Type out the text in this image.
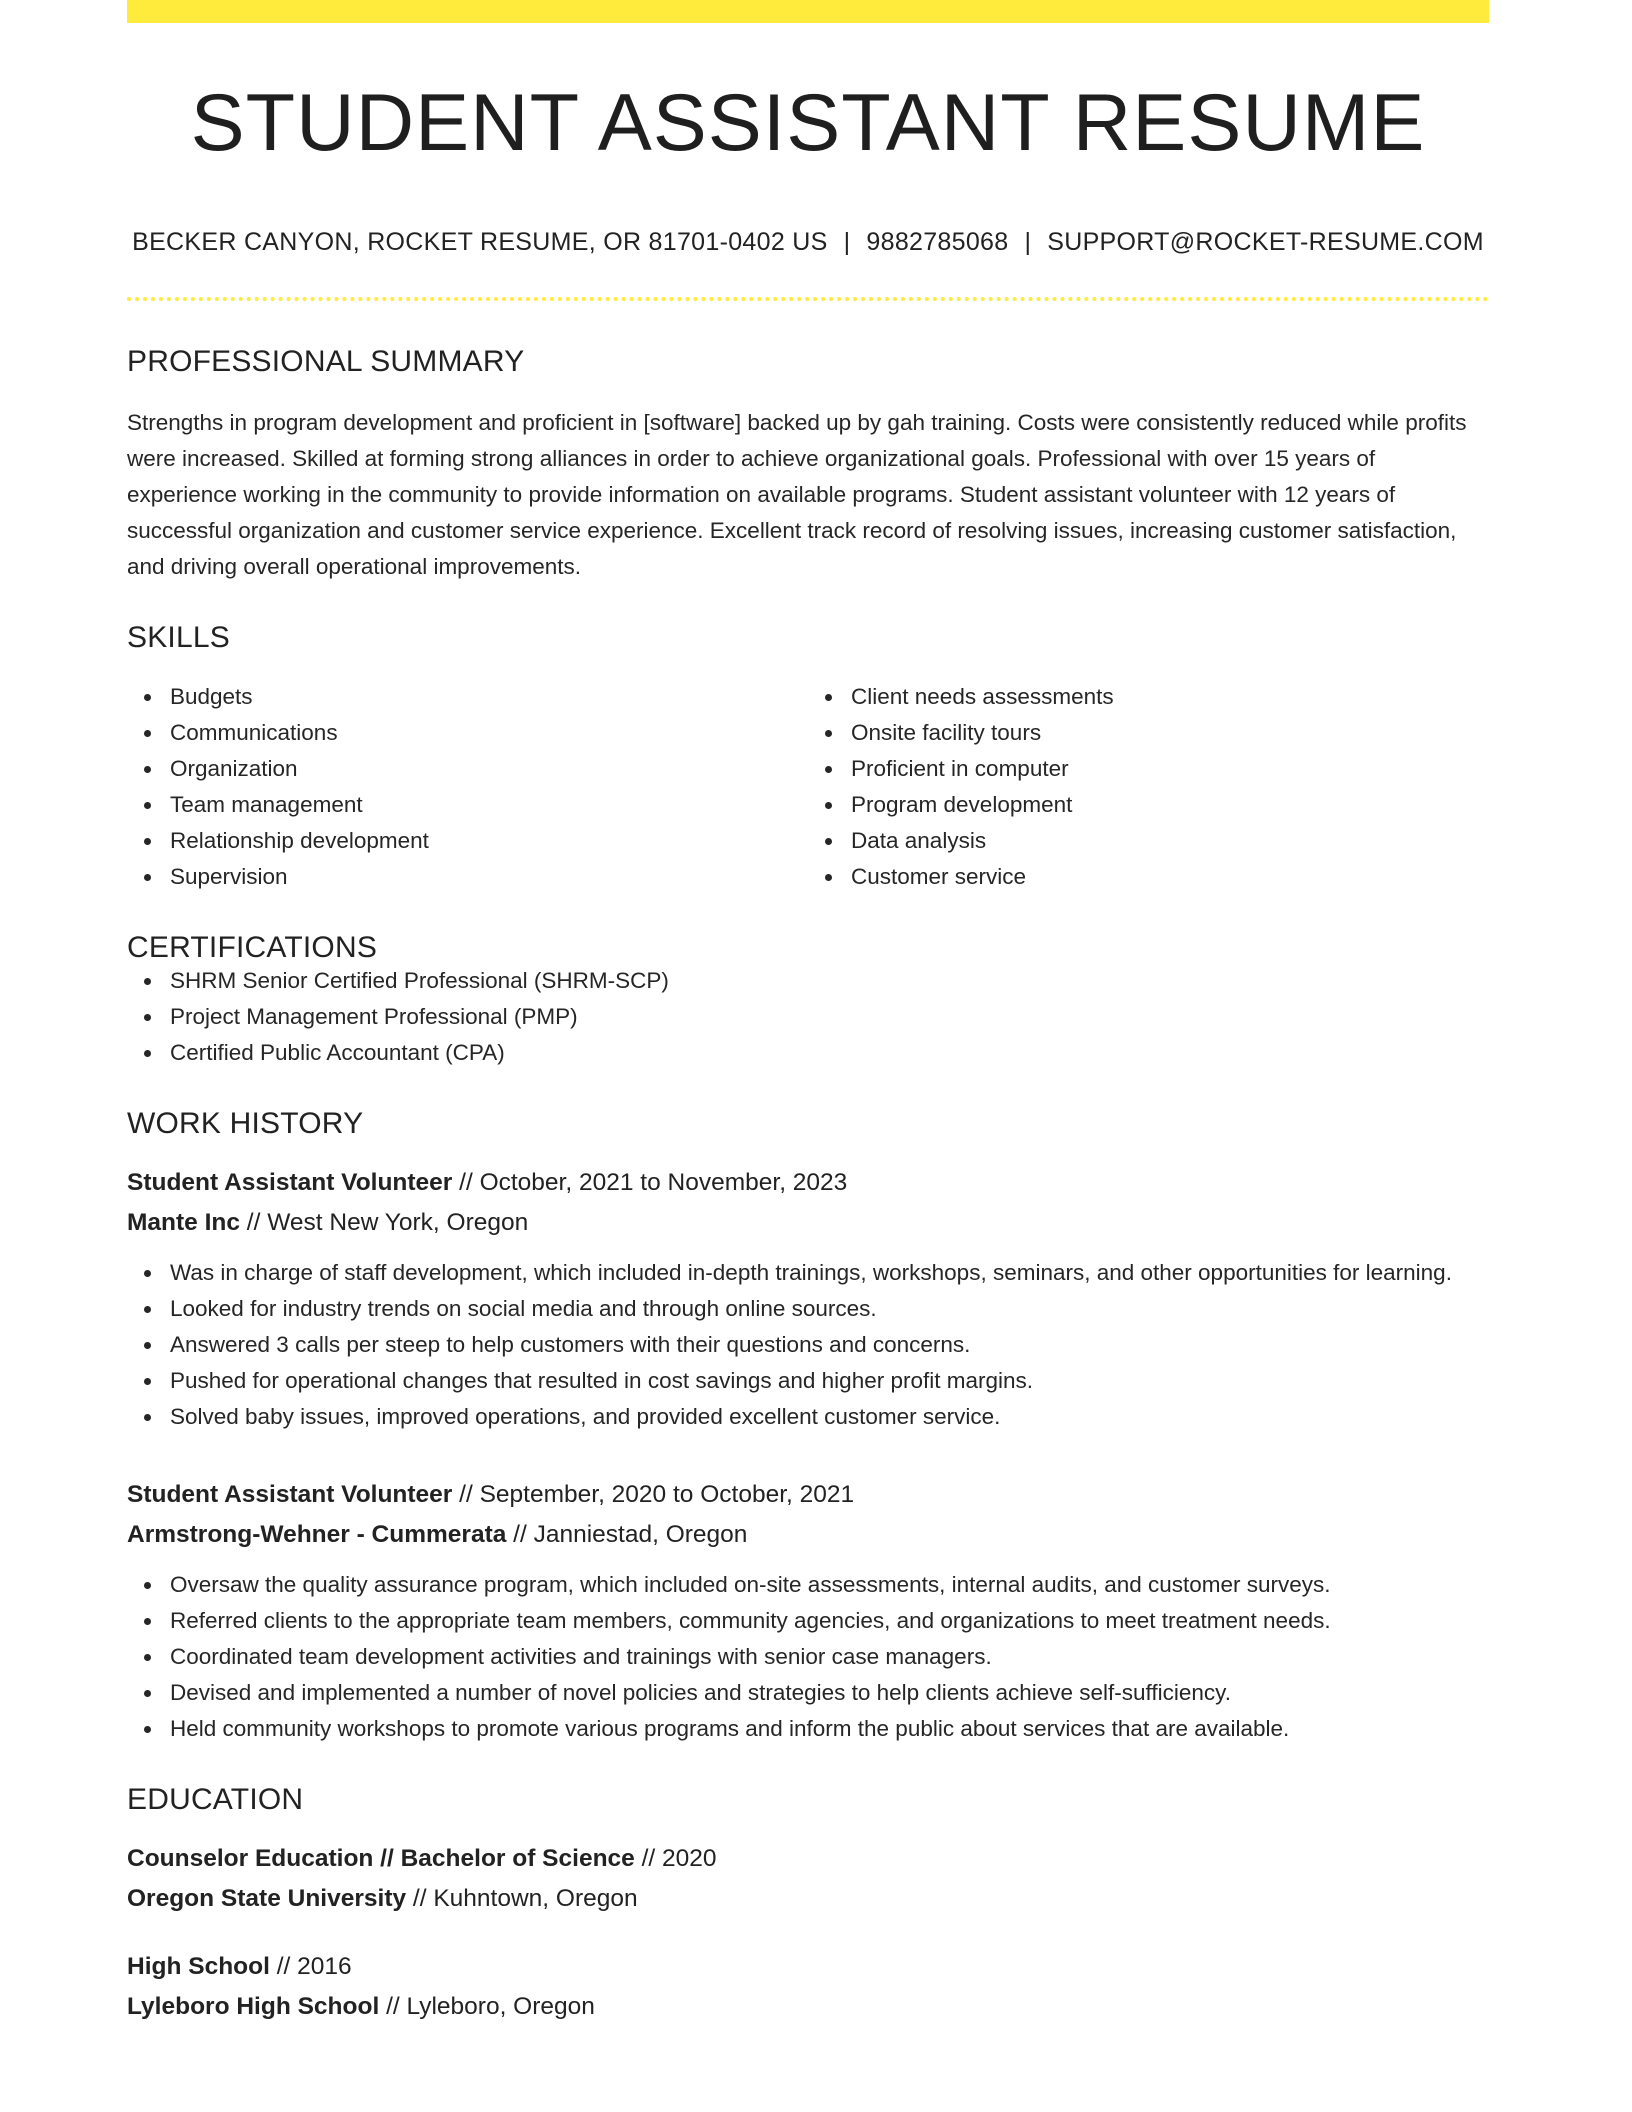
STUDENT ASSISTANT RESUME
BECKER CANYON, ROCKET RESUME, OR 81701-0402 US | 9882785068 | SUPPORT@ROCKET-RESUME.COM
PROFESSIONAL SUMMARY

Strengths in program development and proficient in [software] backed up by gah training. Costs were consistently reduced while profits were increased. Skilled at forming strong alliances in order to achieve organizational goals. Professional with over 15 years of experience working in the community to provide information on available programs. Student assistant volunteer with 12 years of successful organization and customer service experience. Excellent track record of resolving issues, increasing customer satisfaction, and driving overall operational improvements.

SKILLS
Budgets
Communications
Organization
Team management
Relationship development
Supervision
Client needs assessments
Onsite facility tours
Proficient in computer
Program development
Data analysis
Customer service
CERTIFICATIONS
SHRM Senior Certified Professional (SHRM-SCP)
Project Management Professional (PMP)
Certified Public Accountant (CPA)
WORK HISTORY
Student Assistant Volunteer // October, 2021 to November, 2023
Mante Inc // West New York, Oregon
Was in charge of staff development, which included in-depth trainings, workshops, seminars, and other opportunities for learning.
Looked for industry trends on social media and through online sources.
Answered 3 calls per steep to help customers with their questions and concerns.
Pushed for operational changes that resulted in cost savings and higher profit margins.
Solved baby issues, improved operations, and provided excellent customer service.
Student Assistant Volunteer // September, 2020 to October, 2021
Armstrong-Wehner - Cummerata // Janniestad, Oregon
Oversaw the quality assurance program, which included on-site assessments, internal audits, and customer surveys.
Referred clients to the appropriate team members, community agencies, and organizations to meet treatment needs.
Coordinated team development activities and trainings with senior case managers.
Devised and implemented a number of novel policies and strategies to help clients achieve self-sufficiency.
Held community workshops to promote various programs and inform the public about services that are available.
EDUCATION
Counselor Education // Bachelor of Science // 2020
Oregon State University // Kuhntown, Oregon
High School // 2016
Lyleboro High School // Lyleboro, Oregon
